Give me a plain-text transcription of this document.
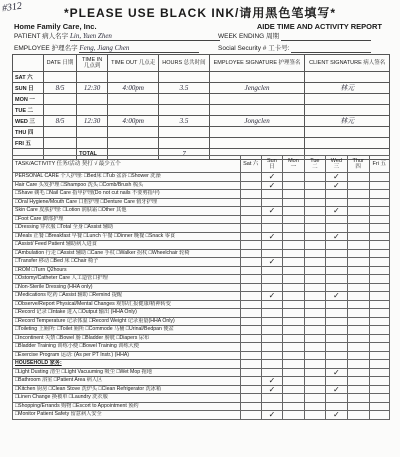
#312	*PLEASE USE BLACK INK/请用黑色笔填写*
Home Family Care, Inc.	AIDE TIME AND ACTIVITY REPORT
PATIENT 病人名字 Lin, Yuen Zhen	WEEK ENDING 周期
EMPLOYEE 护理名字 Feng, Jiang Chen	Social Security # 工卡号:
	DATE 日期	TIME IN 几点到	TIME OUT 几点走	HOURS 总共时间	EMPLOYEE SIGNATURE 护理签名	CLIENT SIGNATURE 病人签名
SAT 六						
SUN 日	8/5	12:30	4:00pm	3.5	Jengclen	林元
MON 一						
TUE 二						
WED 三	8/5	12:30	4:00pm	3.5	Jongclen	林元
THU 四						
FRI 五						
		TOTAL		7		
TASK/ACTIVITY 任务/活动 契打 √ 最少五个	Sat 六	Sun 日	Mon 一	Tue 二	Wed 三	Thur 四	Fri 五
PERSONAL CARE 个人护理: □Bed床 □Tub 盆浴 □Shower 洗澡		✓			✓		
Hair Care 头发护理 □Shampoo 洗头 □Comb/Brush 梳头		✓			✓		
□Shave 剃毛 □Nail Care 指甲护理(Do not cut nails 不要剪指甲)							
□Oral Hygiene/Mouth Care 口腔护理 □Denture Care 假牙护理							
Skin Care 皮肤护理: □Lotion 润肤霜 □Other 其他		✓			✓		
□Foot Care 脚部护理							
□Dressing 穿衣服 □Total 全身 □Assist 辅助							
□Meals 正餐 □Breakfast 早餐 □Lunch 午餐 □Dinner 晚餐 □Snack 零食		✓			✓		
□Assist/ Feed Patient 辅助病人进食							
□Ambulation 行走 □Assist 辅助 □Cane 手杖 □Walker 拐杖 □Wheelchair 轮椅							
□Transfer 移动 □Bed 床 □Chair 椅子		✓					
□ROM □Turn Q2hours							
□Ostomy/Catheter Care 人工造管口护理							
□Non-Sterile Dressing (HHA only)							
□Medications 吃药 □Assist 辅助 □Remind 提醒		✓			✓		
□Observe/Report Physical/Mental Changes 观察/汇报健康/精神转变							
□Record 记录 □Intake 进入 □Output 输出 (HHA Only)							
□Record Temperature 记录体温 □Record Weight 记录重量(HHA Only)							
□Toileting 上厕所: □Toilet 厕所 □Commode 马桶 □Urinal/Bedpan 便盆							
□Incontinent 失禁 □Bowel 肠 □Bladder 膀胱 □Diapers 尿布							
□Bladder Training 训练小便 □Bowel Training 训练大便							
□Exercise Program 运动: (As per PT Instr.) (HHA)							
HOUSEHOLD 家务:							
□Light Dusting 清尘 □Light Vacuuming 吸尘 □Wet Mop 拖地					✓		
□Bathroom 浴室 □Patient Area 病人区		✓					
□Kitchen 厨房 □Clean Stove 洗炉头 □Clean Refrigerator 洗冰箱		✓			✓		
□Linen Change 换被单 □Laundry 洗衣服							
□Shopping/Errands 购物 □Escort to Appointment 预约							
□Monitor Patient Safety 留意病人安全		✓			✓		
